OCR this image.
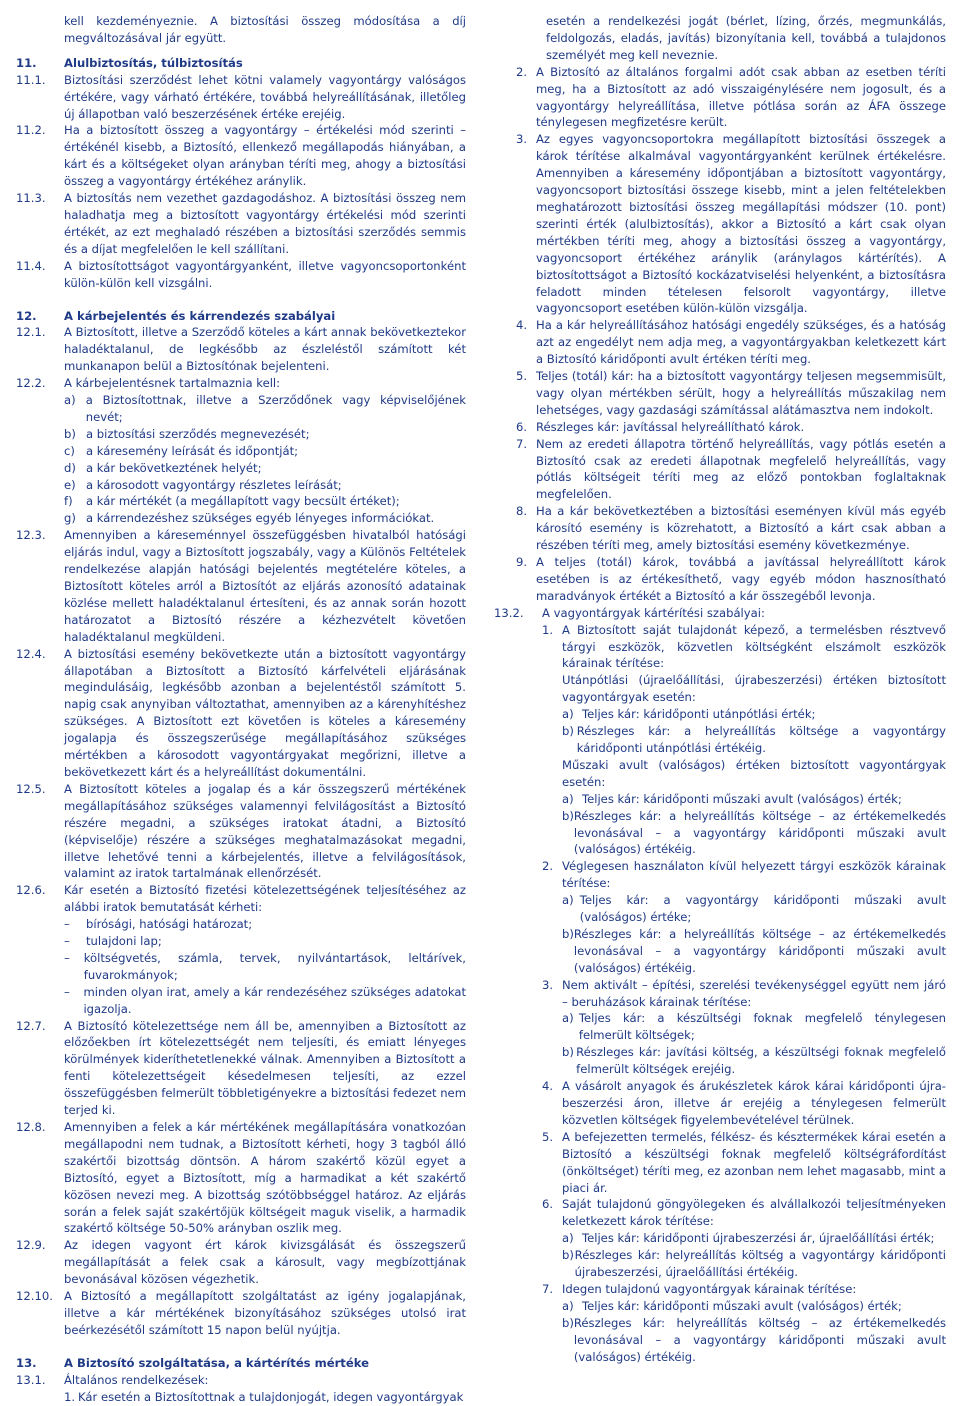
kell kezdeményeznie. A biztosítási összeg módosítása a díj megváltozásával jár együtt.

11.	Alulbiztosítás, túlbiztosítás
11.1.	Biztosítási szerződést lehet kötni valamely vagyontárgy valóságos értékére, vagy várható értékére, továbbá helyreállításának, illetőleg új állapotban való beszerzésének értéke erejéig.
11.2.	Ha a biztosított összeg a vagyontárgy – értékelési mód szerinti – értékénél kisebb, a Biztosító, ellenkező megállapodás hiányában, a kárt és a költségeket olyan arányban téríti meg, ahogy a biztosítási összeg a vagyontárgy értékéhez aránylik.
11.3.	A biztosítás nem vezethet gazdagodáshoz. A biztosítási összeg nem haladhatja meg a biztosított vagyontárgy értékelési mód szerinti értékét, az ezt meghaladó részében a biztosítási szerződés semmis és a díjat megfelelően le kell szállítani.
11.4.	A biztosítottságot vagyontárgyanként, illetve vagyoncsoportonként külön-külön kell vizsgálni.
12.	A kárbejelentés és kárrendezés szabályai
12.1.	A Biztosított, illetve a Szerződő köteles a kárt annak bekövetkeztekor haladéktalanul, de legkésőbb az észleléstől számított két munkanapon belül a Biztosítónak bejelenteni.
12.2.	A kárbejelentésnek tartalmaznia kell:
a) a Biztosítottnak, illetve a Szerződőnek vagy képviselőjének nevét;
b) a biztosítási szerződés megnevezését;
c) a káresemény leírását és időpontját;
d) a kár bekövetkeztének helyét;
e) a károsodott vagyontárgy részletes leírását;
f)	a kár mértékét (a megállapított vagy becsült értéket);
g) a kárrendezéshez szükséges egyéb lényeges információkat.
12.3.	Amennyiben a káreseménnyel összefüggésben hivatalból hatósági eljárás indul, vagy a Biztosított jogszabály, vagy a Különös Feltételek rendelkezése alapján hatósági bejelentés megtételére köteles, a Biztosított köteles arról a Biztosítót az eljárás azonosító adatainak közlése mellett haladéktalanul értesíteni, és az annak során hozott határozatot a Biztosító részére a kézhezvételt követően haladéktalanul megküldeni.
12.4.	A biztosítási esemény bekövetkezte után a biztosított vagyontárgy állapotában a Biztosított a Biztosító kárfelvételi eljárásának megindulásáig, legkésőbb azonban a bejelentéstől számított 5. napig csak anynyiban változtathat, amennyiben az a kárenyhítéshez szükséges. A Biztosított ezt követően is köteles a káresemény jogalapja és összegszerűsége megállapításához szükséges mértékben a károsodott vagyontárgyakat megőrizni, illetve a bekövetkezett kárt és a helyreállítást dokumentálni.
12.5.	A Biztosított köteles a jogalap és a kár összegszerű mértékének megállapításához szükséges valamennyi felvilágosítást a Biztosító részére megadni, a szükséges iratokat átadni, a Biztosító (képviselője) részére a szükséges meghatalmazásokat megadni, illetve lehetővé tenni a kárbejelentés, illetve a felvilágosítások, valamint az iratok tartalmának ellenőrzését.
12.6.	Kár esetén a Biztosító fizetési kötelezettségének teljesítéséhez az alábbi iratok bemutatását kérheti:
–	bírósági, hatósági határozat;
–	tulajdoni lap;
–	költségvetés, számla, tervek, nyilvántartások, leltárívek, fuvarokmányok;
–	minden olyan irat, amely a kár rendezéséhez szükséges adatokat igazolja.
12.7.	A Biztosító kötelezettsége nem áll be, amennyiben a Biztosított az előzőekben írt kötelezettségét nem teljesíti, és emiatt lényeges körülmények kideríthetetlenekké válnak. Amennyiben a Biztosított a fenti kötelezettségeit késedelmesen teljesíti, az ezzel összefüggésben felmerült többletigényekre a biztosítási fedezet nem terjed ki.
12.8.	Amennyiben a felek a kár mértékének megállapítására vonatkozóan megállapodni nem tudnak, a Biztosított kérheti, hogy 3 tagból álló szakértői bizottság döntsön. A három szakértő közül egyet a Biztosító, egyet a Biztosított, míg a harmadikat a két szakértő közösen nevezi meg. A bizottság szótöbbséggel határoz. Az eljárás során a felek saját szakértőjük költségeit maguk viselik, a harmadik szakértő költsége 50-50% arányban oszlik meg.
12.9.	Az idegen vagyont ért károk kivizsgálását és összegszerű megállapítását a felek csak a károsult, vagy megbízottjának bevonásával közösen végezhetik.
12.10. A Biztosító a megállapított szolgáltatást az igény jogalapjának, illetve a kár mértékének bizonyításához szükséges utolsó irat beérkezésétől számított 15 napon belül nyújtja.
13.	A Biztosító szolgáltatása, a kártérítés mértéke
13.1.	Általános rendelkezések:
1. Kár esetén a Biztosítottnak a tulajdonjogát, idegen vagyontárgyak

esetén a rendelkezési jogát (bérlet, lízing, őrzés, megmunkálás, feldolgozás, eladás, javítás) bizonyítania kell, továbbá a tulajdonos személyét meg kell neveznie.

2. A Biztosító az általános forgalmi adót csak abban az esetben téríti meg, ha a Biztosított az adó visszaigénylésére nem jogosult, és a vagyontárgy helyreállítása, illetve pótlása során az ÁFA összege ténylegesen megfizetésre került.
3. Az egyes vagyoncsoportokra megállapított biztosítási összegek a károk térítése alkalmával vagyontárgyanként kerülnek értékelésre. Amennyiben a káresemény időpontjában a biztosított vagyontárgy, vagyoncsoport biztosítási összege kisebb, mint a jelen feltételekben meghatározott biztosítási összeg megállapítási módszer (10. pont) szerinti érték (alulbiztosítás), akkor a Biztosító a kárt csak olyan mértékben téríti meg, ahogy a biztosítási összeg a vagyontárgy, vagyoncsoport értékéhez aránylik (aránylagos kártérítés). A biztosítottságot a Biztosító kockázatviselési helyenként, a biztosításra feladott minden tételesen felsorolt vagyontárgy, illetve vagyoncsoport esetében külön-külön vizsgálja.
4. Ha a kár helyreállításához hatósági engedély szükséges, és a hatóság azt az engedélyt nem adja meg, a vagyontárgyakban keletkezett kárt a Biztosító káridőponti avult értéken téríti meg.
5. Teljes (totál) kár: ha a biztosított vagyontárgy teljesen megsemmisült, vagy olyan mértékben sérült, hogy a helyreállítás műszakilag nem lehetséges, vagy gazdasági számítással alátámasztva nem indokolt.
6. Részleges kár: javítással helyreállítható károk.
7. Nem az eredeti állapotra történő helyreállítás, vagy pótlás esetén a Biztosító csak az eredeti állapotnak megfelelő helyreállítás, vagy pótlás költségeit téríti meg az előző pontokban foglaltaknak megfelelően.
8. Ha a kár bekövetkeztében a biztosítási eseményen kívül más egyéb károsító esemény is közrehatott, a Biztosító a kárt csak abban a részében téríti meg, amely biztosítási esemény következménye.
9. A teljes (totál) károk, továbbá a javítással helyreállított károk esetében is az értékesíthető, vagy egyéb módon hasznosítható maradványok értékét a Biztosító a kár összegéből levonja.
13.2.	A vagyontárgyak kártérítési szabályai:
1. A Biztosított saját tulajdonát képező, a termelésben résztvevő tárgyi eszközök, közvetlen költségként elszámolt eszközök kárainak térítése:
Utánpótlási (újraelőállítási, újrabeszerzési) értéken biztosított vagyontárgyak esetén:
a) Teljes kár: káridőponti utánpótlási érték;
b) Részleges kár: a helyreállítás költsége a vagyontárgy káridőponti utánpótlási értékéig.
Műszaki avult (valóságos) értéken biztosított vagyontárgyak esetén:
a) Teljes kár: káridőponti műszaki avult (valóságos) érték;
b) Részleges kár: a helyreállítás költsége – az értékemelkedés levonásával – a vagyontárgy káridőponti műszaki avult (valóságos) értékéig.
2. Véglegesen használaton kívül helyezett tárgyi eszközök kárainak térítése:
a) Teljes kár: a vagyontárgy káridőponti műszaki avult (valóságos) értéke;
b) Részleges kár: a helyreállítás költsége – az értékemelkedés levonásával – a vagyontárgy káridőponti műszaki avult (valóságos) értékéig.
3. Nem aktivált – építési, szerelési tevékenységgel együtt nem járó – beruházások kárainak térítése:
a) Teljes kár: a készültségi foknak megfelelő ténylegesen felmerült költségek;
b) Részleges kár: javítási költség, a készültségi foknak megfelelő felmerült költségek erejéig.
4. A vásárolt anyagok és árukészletek károk kárai káridőponti újra- beszerzési áron, illetve ár erejéig a ténylegesen felmerült közvetlen költségek figyelembevételével térülnek.
5. A befejezetten termelés, félkész- és késztermékek kárai esetén a Biztosító a készültségi foknak megfelelő költségráfordítást (önköltséget) téríti meg, ez azonban nem lehet magasabb, mint a piaci ár.
6. Saját tulajdonú göngyölegeken és alvállalkozói teljesítményeken keletkezett károk térítése:
a) Teljes kár: káridőponti újrabeszerzési ár, újraelőállítási érték;
b) Részleges kár: helyreállítás költség a vagyontárgy káridőponti újrabeszerzési, újraelőállítási értékéig.
7. Idegen tulajdonú vagyontárgyak kárainak térítése:
a) Teljes kár: káridőponti műszaki avult (valóságos) érték;
b) Részleges kár: helyreállítás költség – az értékemelkedés levonásával – a vagyontárgy káridőponti műszaki avult (valóságos) értékéig.
